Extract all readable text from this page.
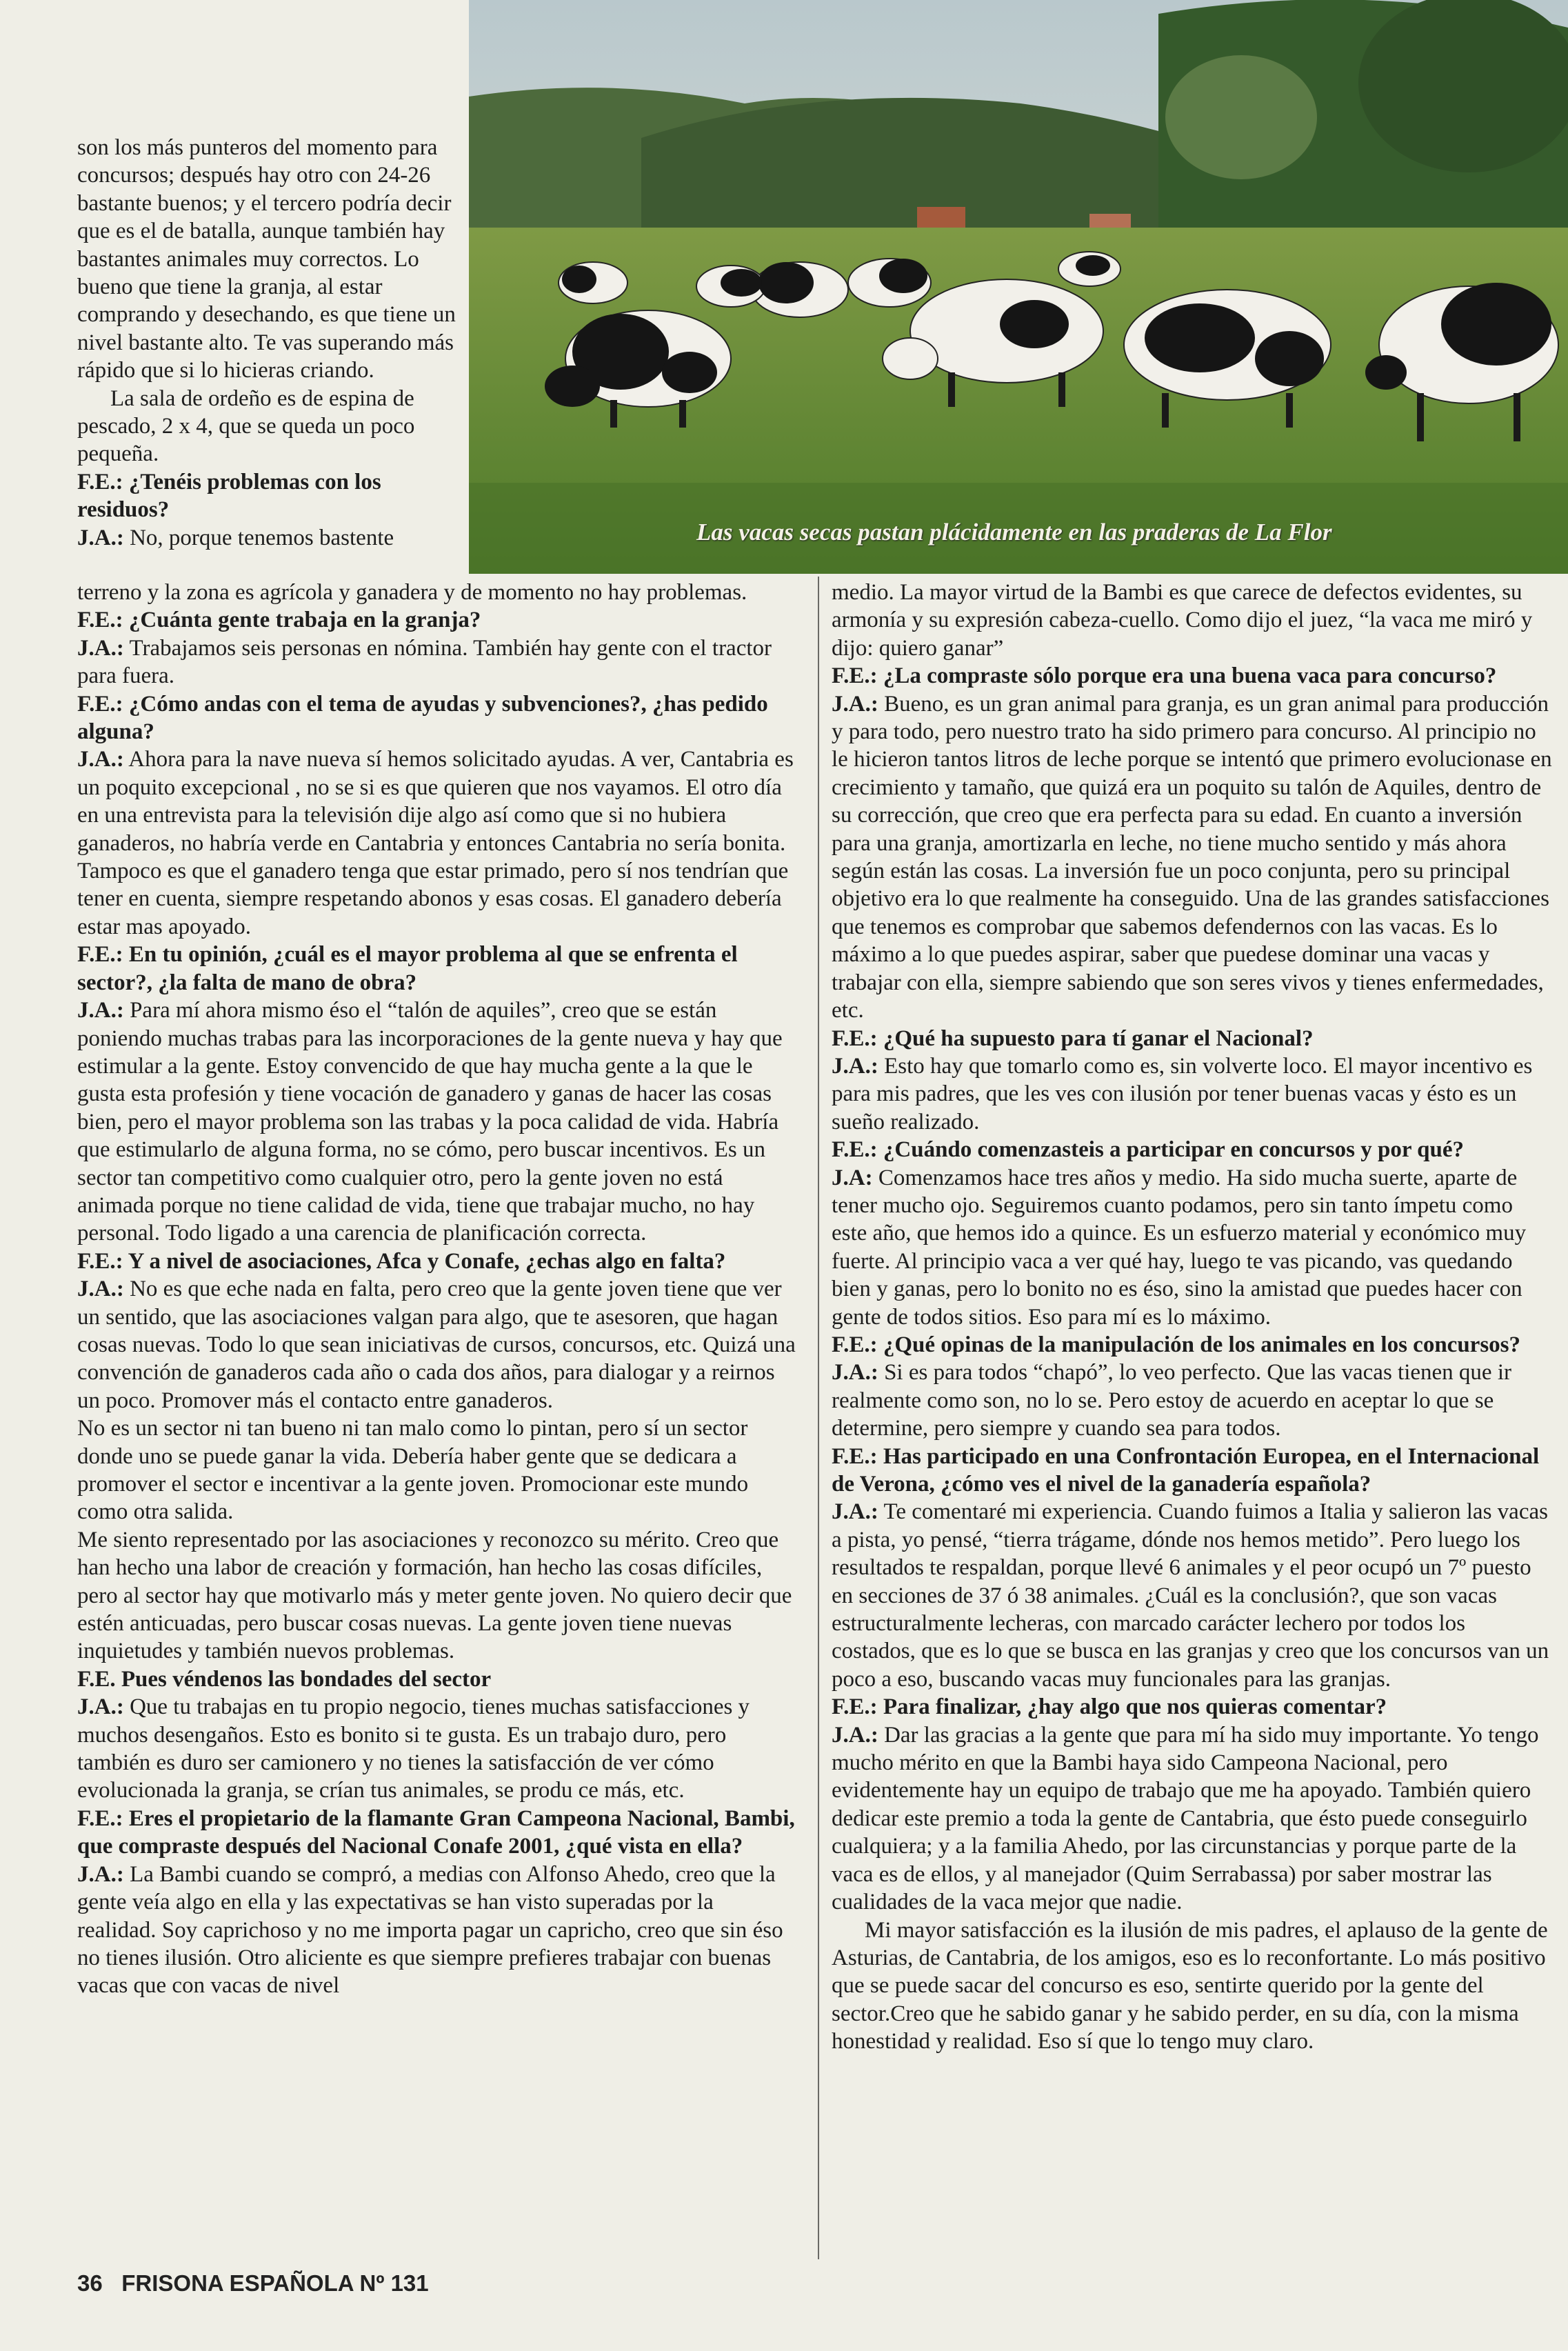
Las vacas secas pastan plácidamente en las praderas de La Flor

son los más punteros del momento para concursos; después hay otro con 24-26 bastante buenos; y el tercero podría decir que es el de batalla, aunque también hay bastantes animales muy correctos. Lo bueno que tiene la granja, al estar comprando y desechando, es que tiene un nivel bastante alto. Te vas superando más rápido que si lo hicieras criando.

La sala de ordeño es de espina de pescado, 2 x 4, que se queda un poco pequeña.

F.E.: ¿Tenéis problemas con los residuos?

J.A.: No, porque tenemos bastente

terreno y la zona es agrícola y ganadera y de momento no hay problemas.

F.E.: ¿Cuánta gente trabaja en la granja?

J.A.: Trabajamos seis personas en nómina. También hay gente con el tractor para fuera.

F.E.: ¿Cómo andas con el tema de ayudas y subvenciones?, ¿has pedido alguna?

J.A.: Ahora para la nave nueva sí hemos solicitado ayudas. A ver, Cantabria es un poquito excepcional , no se si es que quieren que nos vayamos. El otro día en una entrevista para la televisión dije algo así como que si no hubiera ganaderos, no habría verde en Cantabria y entonces Cantabria no sería bonita. Tampoco es que el ganadero tenga que estar primado, pero sí nos tendrían que tener en cuenta, siempre respetando abonos y esas cosas. El ganadero debería estar mas apoyado.

F.E.: En tu opinión, ¿cuál es el mayor problema al que se enfrenta el sector?, ¿la falta de mano de obra?

J.A.: Para mí ahora mismo éso el “talón de aquiles”, creo que se están poniendo muchas trabas para las incorporaciones de la gente nueva y hay que estimular a la gente. Estoy convencido de que hay mucha gente a la que le gusta esta profesión y tiene vocación de ganadero y ganas de hacer las cosas bien, pero el mayor problema son las trabas y la poca calidad de vida. Habría que estimularlo de alguna forma, no se cómo, pero buscar incentivos. Es un sector tan competitivo como cualquier otro, pero la gente joven no está animada porque no tiene calidad de vida, tiene que trabajar mucho, no hay personal. Todo ligado a una carencia de planificación correcta.

F.E.: Y a nivel de asociaciones, Afca y Conafe, ¿echas algo en falta?

J.A.: No es que eche nada en falta, pero creo que la gente joven tiene que ver un sentido, que las asociaciones valgan para algo, que te asesoren, que hagan cosas nuevas. Todo lo que sean iniciativas de cursos, concursos, etc. Quizá una convención de ganaderos cada año o cada dos años, para dialogar y a reirnos un poco. Promover más el contacto entre ganaderos.

No es un sector ni tan bueno ni tan malo como lo pintan, pero sí un sector donde uno se puede ganar la vida. Debería haber gente que se dedicara a promover el sector e incentivar a la gente joven. Promocionar este mundo como otra salida.

Me siento representado por las asociaciones y reconozco su mérito. Creo que han hecho una labor de creación y formación, han hecho las cosas difíciles, pero al sector hay que motivarlo más y meter gente joven. No quiero decir que estén anticuadas, pero buscar cosas nuevas. La gente joven tiene nuevas inquietudes y también nuevos problemas.

F.E. Pues véndenos las bondades del sector

J.A.: Que tu trabajas en tu propio negocio, tienes muchas satisfacciones y muchos desengaños. Esto es bonito si te gusta. Es un trabajo duro, pero también es duro ser camionero y no tienes la satisfacción de ver cómo evolucionada la granja, se crían tus animales, se produ ce más, etc.

F.E.: Eres el propietario de la flamante Gran Campeona Nacional, Bambi, que compraste después del Nacional Conafe 2001, ¿qué vista en ella?

J.A.: La Bambi cuando se compró, a medias con Alfonso Ahedo, creo que la gente veía algo en ella y las expectativas se han visto superadas por la realidad. Soy caprichoso y no me importa pagar un capricho, creo que sin éso no tienes ilusión. Otro aliciente es que siempre prefieres trabajar con buenas vacas que con vacas de nivel

medio. La mayor virtud de la Bambi es que carece de defectos evidentes, su armonía y su expresión cabeza-cuello. Como dijo el juez, “la vaca me miró y dijo: quiero ganar”

F.E.: ¿La compraste sólo porque era una buena vaca para concurso?

J.A.: Bueno, es un gran animal para granja, es un gran animal para producción y para todo, pero nuestro trato ha sido primero para concurso. Al principio no le hicieron tantos litros de leche porque se intentó que primero evolucionase en crecimiento y tamaño, que quizá era un poquito su talón de Aquiles, dentro de su corrección, que creo que era perfecta para su edad. En cuanto a inversión para una granja, amortizarla en leche, no tiene mucho sentido y más ahora según están las cosas. La inversión fue un poco conjunta, pero su principal objetivo era lo que realmente ha conseguido. Una de las grandes satisfacciones que tenemos es comprobar que sabemos defendernos con las vacas. Es lo máximo a lo que puedes aspirar, saber que puedese dominar una vacas y trabajar con ella, siempre sabiendo que son seres vivos y tienes enfermedades, etc.

F.E.: ¿Qué ha supuesto para tí ganar el Nacional?

J.A.: Esto hay que tomarlo como es, sin volverte loco. El mayor incentivo es para mis padres, que les ves con ilusión por tener buenas vacas y ésto es un sueño realizado.

F.E.: ¿Cuándo comenzasteis a participar en concursos y por qué?

J.A: Comenzamos hace tres años y medio. Ha sido mucha suerte, aparte de tener mucho ojo. Seguiremos cuanto podamos, pero sin tanto ímpetu como este año, que hemos ido a quince. Es un esfuerzo material y económico muy fuerte. Al principio vaca a ver qué hay, luego te vas picando, vas quedando bien y ganas, pero lo bonito no es éso, sino la amistad que puedes hacer con gente de todos sitios. Eso para mí es lo máximo.

F.E.: ¿Qué opinas de la manipulación de los animales en los concursos?

J.A.: Si es para todos “chapó”, lo veo perfecto. Que las vacas tienen que ir realmente como son, no lo se. Pero estoy de acuerdo en aceptar lo que se determine, pero siempre y cuando sea para todos.

F.E.: Has participado en una Confrontación Europea, en el Internacional de Verona, ¿cómo ves el nivel de la ganadería española?

J.A.: Te comentaré mi experiencia. Cuando fuimos a Italia y salieron las vacas a pista, yo pensé, “tierra trágame, dónde nos hemos metido”. Pero luego los resultados te respaldan, porque llevé 6 animales y el peor ocupó un 7º puesto en secciones de 37 ó 38 animales. ¿Cuál es la conclusión?, que son vacas estructuralmente lecheras, con marcado carácter lechero por todos los costados, que es lo que se busca en las granjas y creo que los concursos van un poco a eso, buscando vacas muy funcionales para las granjas.

F.E.: Para finalizar, ¿hay algo que nos quieras comentar?

J.A.: Dar las gracias a la gente que para mí ha sido muy importante. Yo tengo mucho mérito en que la Bambi haya sido Campeona Nacional, pero evidentemente hay un equipo de trabajo que me ha apoyado. También quiero dedicar este premio a toda la gente de Cantabria, que ésto puede conseguirlo cualquiera; y a la familia Ahedo, por las circunstancias y porque parte de la vaca es de ellos, y al manejador (Quim Serrabassa) por saber mostrar las cualidades de la vaca mejor que nadie.

Mi mayor satisfacción es la ilusión de mis padres, el aplauso de la gente de Asturias, de Cantabria, de los amigos, eso es lo reconfortante. Lo más positivo que se puede sacar del concurso es eso, sentirte querido por la gente del sector.Creo que he sabido ganar y he sabido perder, en su día, con la misma honestidad y realidad. Eso sí que lo tengo muy claro.

36 FRISONA ESPAÑOLA Nº 131
